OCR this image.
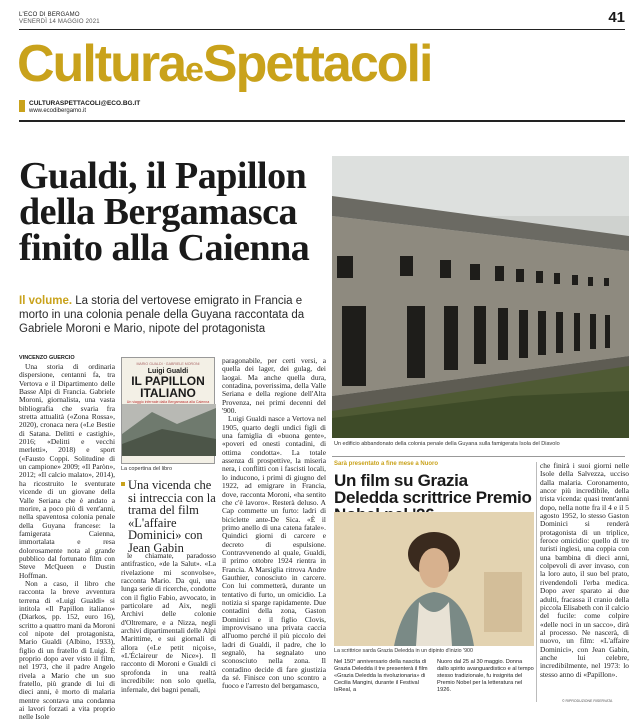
L'ECO DI BERGAMO
VENERDÌ 14 MAGGIO 2021	41
CulturaeSpettacoli
CULTURASPETTACOLI@ECO.BG.IT
www.ecodibergamo.it
Gualdi, il Papillon
della Bergamasca
finito alla Caienna
Il volume. La storia del vertovese emigrato in Francia e morto in una colonia penale della Guyana raccontata da Gabriele Moroni e Mario, nipote del protagonista
Un edificio abbandonato della colonia penale della Guyana sulla famigerata Isola del Diavolo
VINCENZO GUERCIO

Una storia di ordinaria dispersione, centanni fa, tra Vertova e il Dipartimento delle Basse Alpi di Francia. Gabriele Moroni, giornalista, una vasta bibliografia che svaria fra stretta attualità («Zona Rossa», 2020), cronaca nera («Le Bestie di Satana. Delitti e castighi», 2016; «Delitti e vecchi merletti», 2018) e sport («Fausto Coppi. Solitudine di un campione» 2009; «Il Paròn», 2012; «Il calcio malato», 2014), ha ricostruito le sventurate vicende di un giovane della Valle Seriana che è andato a morire, a poco più di vent'anni, nella spaventosa colonia penale della Guyana francese: la famigerata Caienna, immortalata e resa dolorosamente nota al grande pubblico dal fortunato film con Steve McQueen e Dustin Hoffman.

Non a caso, il libro che racconta la breve avventura terrena di «Luigi Gualdi» si intitola «Il Papillon italiano» (Diarkos, pp. 152, euro 16), scritto a quattro mani da Moroni col nipote del protagonista, Mario Gualdi (Albino, 1933), figlio di un fratello di Luigi. È proprio dopo aver visto il film, nel 1973, che il padre Angelo rivela a Mario che un suo fratello, più grande di lui di dieci anni, è morto di malaria mentre scontava una condanna ai lavori forzati a vita proprio nelle Isole

MARIO GUALDI · GABRIELE MORONI
Luigi Gualdi
IL PAPILLON
ITALIANO
Un viaggio infernale dalla Bergamasca alla Caienna
La copertina del libro
Una vicenda che si intreccia con la trama del film «L'affaire Dominici» con Jean Gabin

le chiamate, paradosso antifrastico, «de la Salut». «La rivelazione mi sconvolse», racconta Mario. Da qui, una lunga serie di ricerche, condotte con il figlio Fabio, avvocato, in particolare ad Aix, negli Archivi delle colonie d'Oltremare, e a Nizza, negli archivi dipartimentali delle Alpi Marittime, e sui giornali di allora («Le petit niçois», «L'Éclaireur de Nice»). Il racconto di Moroni e Gualdi ci sprofonda in una realtà incredibile: non solo quella, infernale, dei bagni penali,

paragonabile, per certi versi, a quella dei lager, dei gulag, dei laogai. Ma anche quella dura, contadina, poverissima, della Valle Seriana e della regione dell'Alta Provenza, nei primi decenni del '900.

Luigi Gualdi nasce a Vertova nel 1905, quarto degli undici figli di una famiglia di «buona gente», «poveri ed onesti contadini, di ottima condotta». La totale assenza di prospettive, la miseria nera, i conflitti con i fascisti locali, lo inducono, i primi di giugno del 1922, ad emigrare in Francia, dove, racconta Moroni, «ha sentito che c'è lavoro». Resterà deluso. A Cap commette un furto: ladri di biciclette ante-De Sica. «È il primo anello di una catena fatale». Quindici giorni di carcere e decreto di espulsione. Contravvenendo al quale, Gualdi, il primo ottobre 1924 rientra in Francia. A Marsiglia ritrova Andre Gauthier, conosciuto in carcere. Con lui commetterà, durante un tentativo di furto, un omicidio. La notizia si sparge rapidamente. Due contadini della zona, Gaston Dominici e il figlio Clovis, improvvisano una privata caccia all'uomo perché il più piccolo dei ladri di Gualdi, il padre, che lo segnalò, ha segnalato uno sconosciuto nella zona. Il contadino decide di fare giustizia da sé. Finisce con uno scontro a fuoco e l'arresto del bergamasco,

Sarà presentato a fine mese a Nuoro
Un film su Grazia Deledda scrittrice Premio
La scrittrice sarda Grazia Deledda in un dipinto d'inizio '900
Nel 150° anniversario della nascita di Grazia Deledda il tre presenterà il film «Grazia Deledda la rivoluzionaria» di Cecilia Mangini, durante il Festival IsReal, a
Nuoro dal 25 al 30 maggio. Donna dallo spirito avanguardistico e al tempo stesso tradizionale, fu insignita del Premio Nobel per la letteratura nel 1926.

che finirà i suoi giorni nelle Isole della Salvezza, ucciso dalla malaria. Coronamento, ancor più incredibile, della trista vicenda: quasi trent'anni dopo, nella notte fra il 4 e il 5 agosto 1952, lo stesso Gaston Dominici si renderà protagonista di un triplice, feroce omicidio: quello di tre turisti inglesi, una coppia con una bambina di dieci anni, colpevoli di aver invaso, con la loro auto, il suo bel prato, rivendendoli l'erba medica. Dopo aver sparato ai due adulti, fracassa il cranio della piccola Elisabeth con il calcio del fucile: come colpire «delle noci in un sacco», dirà al processo. Ne nascerà, di nuovo, un film: «L'affaire Dominici», con Jean Gabin, anche lui celebre, incredibilmente, nel 1973: lo stesso anno di «Papillon».

© RIPRODUZIONE RISERVATA
